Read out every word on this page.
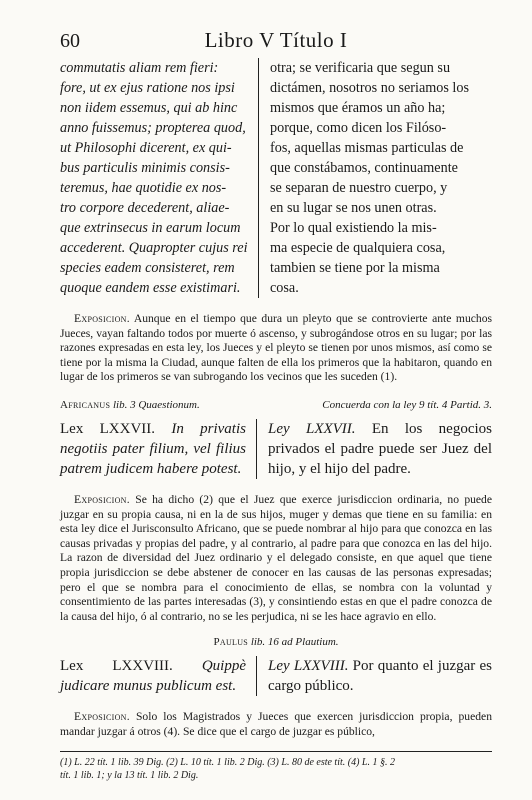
60	Libro V Título I

commutatis aliam rem fieri:

fore, ut ex ejus ratione nos ipsi

non iidem essemus, qui ab hinc

anno fuissemus; propterea quod,

ut Philosophi dicerent, ex qui-

bus particulis minimis consis-

teremus, hae quotidie ex nos-

tro corpore decederent, aliae-

que extrinsecus in earum locum

accederent. Quapropter cujus rei

species eadem consisteret, rem

quoque eandem esse existimari.

otra; se verificaria que segun su

dictámen, nosotros no seriamos los

mismos que éramos un año ha;

porque, como dicen los Filóso-

fos, aquellas mismas particulas de

que constábamos, continuamente

se separan de nuestro cuerpo, y

en su lugar se nos unen otras.

Por lo qual existiendo la mis-

ma especie de qualquiera cosa,

tambien se tiene por la misma

cosa.

Exposicion. Aunque en el tiempo que dura un pleyto que se controvierte ante muchos Jueces, vayan faltando todos por muerte ó ascenso, y subrogándose otros en su lugar; por las razones expresadas en esta ley, los Jueces y el pleyto se tienen por unos mismos, así como se tiene por la misma la Ciudad, aunque falten de ella los primeros que la habitaron, quando en lugar de los primeros se van subrogando los vecinos que les suceden (1).

Africanus lib. 3 Quaestionum.	Concuerda con la ley 9 tít. 4 Partid. 3.

Lex LXXVII. In privatis negotiis pater filium, vel filius patrem judicem habere potest.

Ley LXXVII. En los negocios privados el padre puede ser Juez del hijo, y el hijo del padre.

Exposicion. Se ha dicho (2) que el Juez que exerce jurisdiccion ordinaria, no puede juzgar en su propia causa, ni en la de sus hijos, muger y demas que tiene en su familia: en esta ley dice el Jurisconsulto Africano, que se puede nombrar al hijo para que conozca en las causas privadas y propias del padre, y al contrario, al padre para que conozca en las del hijo. La razon de diversidad del Juez ordinario y el delegado consiste, en que aquel que tiene propia jurisdiccion se debe abstener de conocer en las causas de las personas expresadas; pero el que se nombra para el conocimiento de ellas, se nombra con la voluntad y consentimiento de las partes interesadas (3), y consintiendo estas en que el padre conozca de la causa del hijo, ó al contrario, no se les perjudica, ni se les hace agravio en ello.

Paulus lib. 16 ad Plautium.

Lex LXXVIII. Quippè judicare munus publicum est.

Ley LXXVIII. Por quanto el juzgar es cargo público.

Exposicion. Solo los Magistrados y Jueces que exercen jurisdiccion propia, pueden mandar juzgar á otros (4). Se dice que el cargo de juzgar es público,

(1) L. 22 tít. 1 lib. 39 Dig. (2) L. 10 tít. 1 lib. 2 Dig. (3) L. 80 de este tít. (4) L. 1 §. 2
tít. 1 lib. 1; y la 13 tít. 1 lib. 2 Dig.
